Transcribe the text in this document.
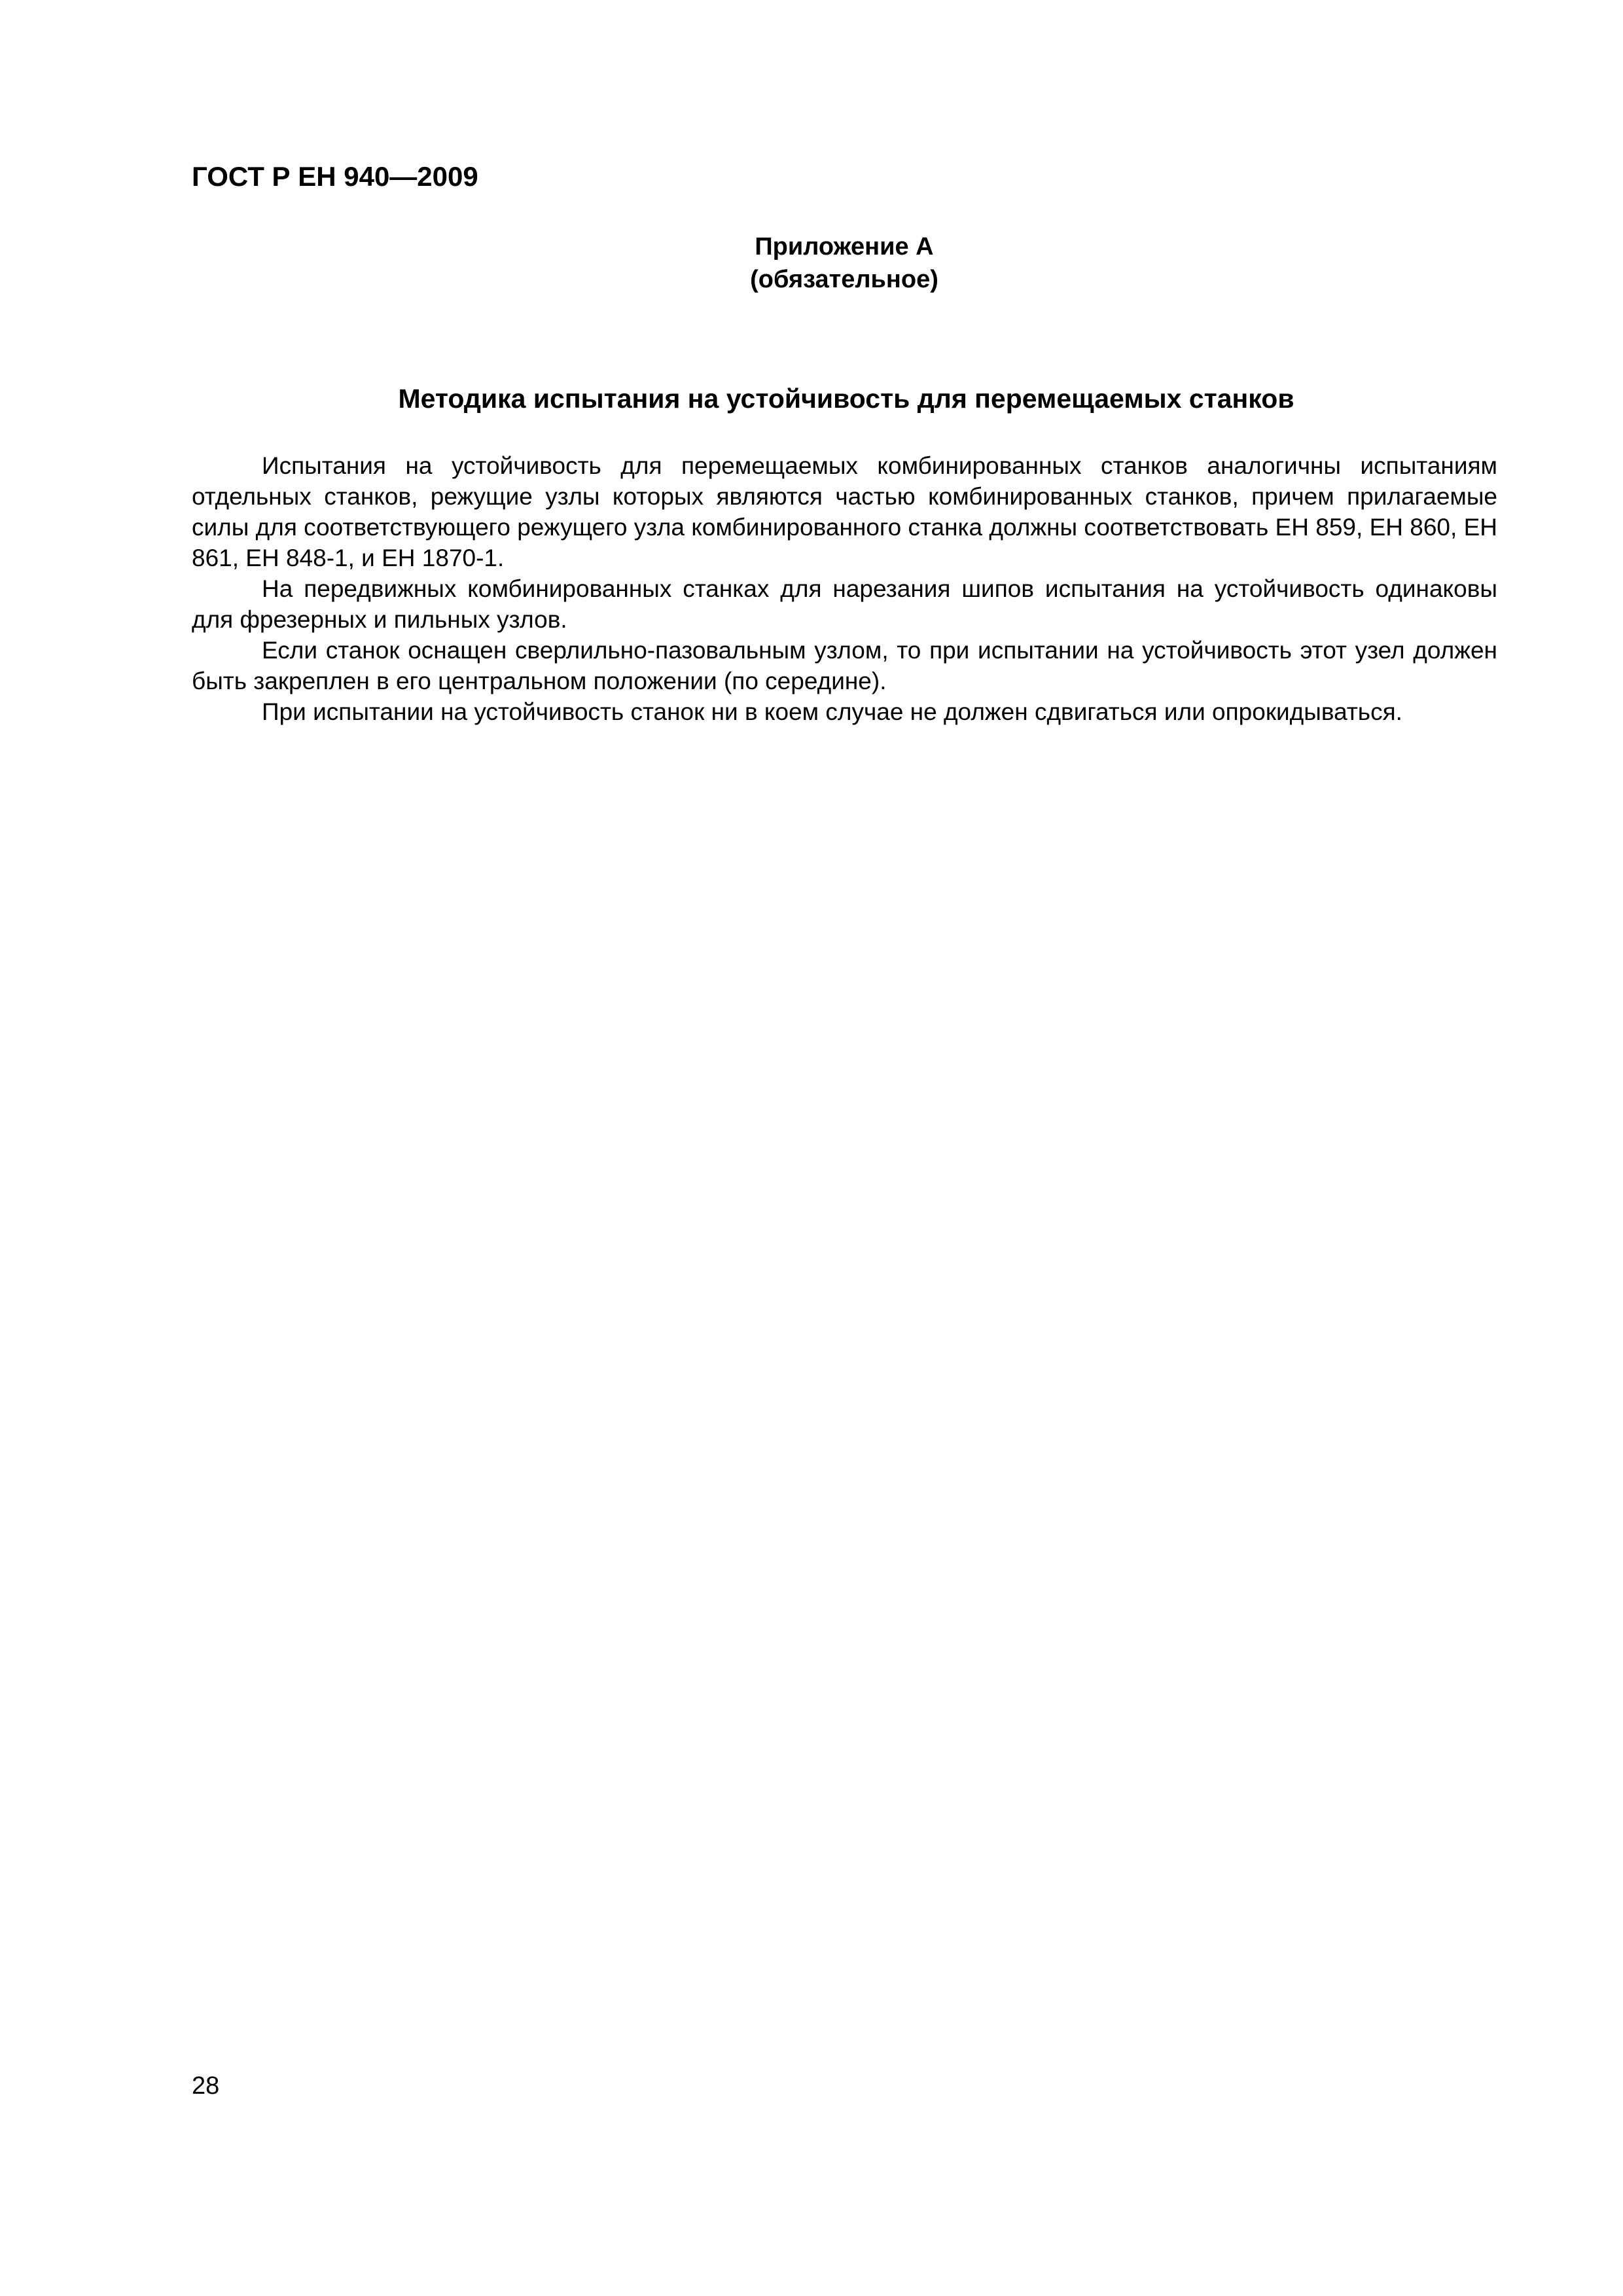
ГОСТ Р ЕН 940—2009
Приложение А
(обязательное)
Методика испытания на устойчивость для перемещаемых станков

Испытания на устойчивость для перемещаемых комбинированных станков аналогичны испытаниям отдельных станков, режущие узлы которых являются частью комбинированных станков, причем прилагаемые силы для соответствующего режущего узла комбинированного станка должны соответствовать ЕН 859, ЕН 860, ЕН 861, ЕН 848-1, и ЕН 1870-1.

На передвижных комбинированных станках для нарезания шипов испытания на устойчивость одинаковы для фрезерных и пильных узлов.

Если станок оснащен сверлильно-пазовальным узлом, то при испытании на устойчивость этот узел должен быть закреплен в его центральном положении (по середине).

При испытании на устойчивость станок ни в коем случае не должен сдвигаться или опрокидываться.

28
